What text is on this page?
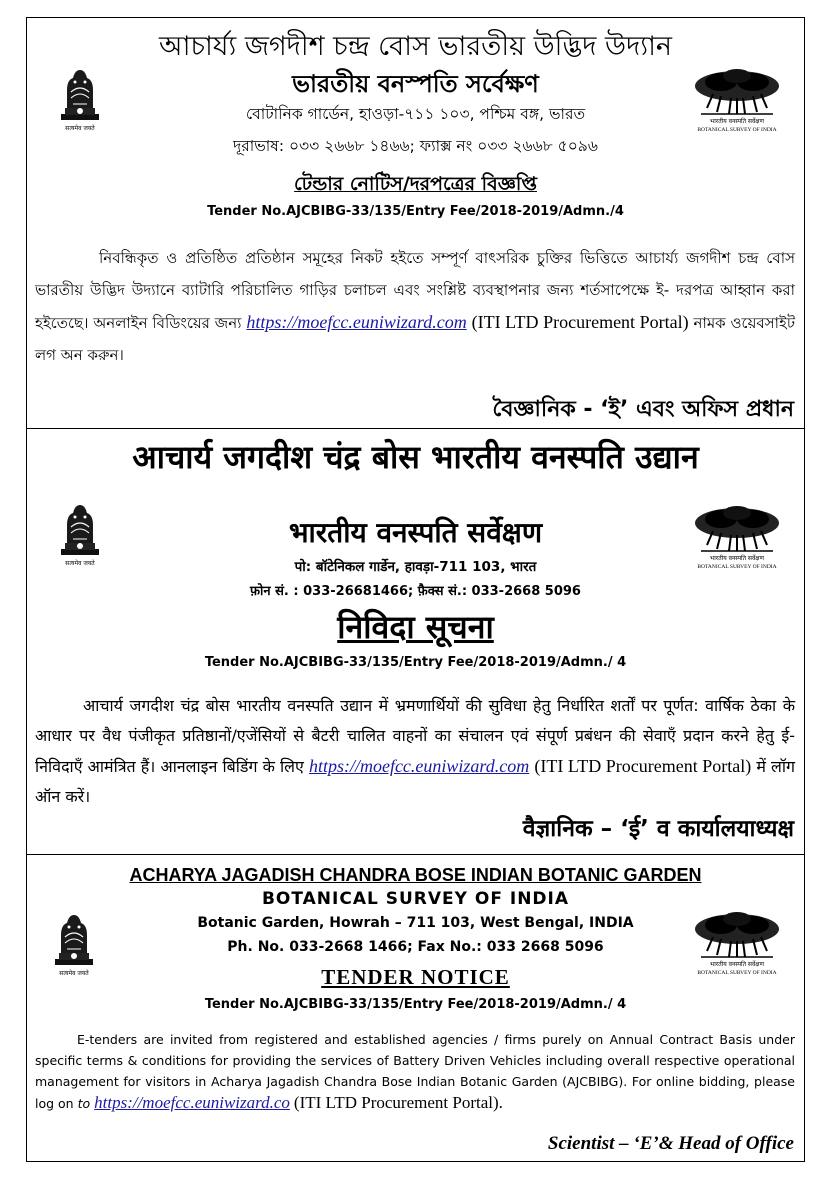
আচার্য্য জগদীশ চন্দ্র বোস ভারতীয় উদ্ভিদ উদ্যান
सत्यमेव जयते
भारतीय वनस्पति सर्वेक्षण
BOTANICAL SURVEY OF INDIA
ভারতীয় বনস্পতি সর্বেক্ষণ
বোটানিক গার্ডেন, হাওড়া-৭১১ ১০৩, পশ্চিম বঙ্গ, ভারত
দূরাভাষ: ০৩৩ ২৬৬৮ ১৪৬৬; ফ্যাক্স নং ০৩৩ ২৬৬৮ ৫০৯৬
টেন্ডার নোটিস/দরপত্রের বিজ্ঞপ্তি
Tender No.AJCBIBG-33/135/Entry Fee/2018-2019/Admn./4
নিবন্ধিকৃত ও প্রতিষ্ঠিত প্রতিষ্ঠান সমূহের নিকট হইতে সম্পূর্ণ বাৎসরিক চুক্তির ভিত্তিতে আচার্য্য জগদীশ চন্দ্র বোস ভারতীয় উদ্ভিদ উদ্যানে ব্যাটারি পরিচালিত গাড়ির চলাচল এবং সংশ্লিষ্ট ব্যবস্থাপনার জন্য শর্তসাপেক্ষে ই- দরপত্র আহ্বান করা হইতেছে। অনলাইন বিডিংয়ের জন্য https://moefcc.euniwizard.com (ITI LTD Procurement Portal) নামক ওয়েবসাইট লগ অন করুন।
বৈজ্ঞানিক - ‘ই’ এবং অফিস প্রধান
आचार्य जगदीश चंद्र बोस भारतीय वनस्पति उद्यान
सत्यमेव जयते
भारतीय वनस्पति सर्वेक्षण
BOTANICAL SURVEY OF INDIA
भारतीय वनस्पति सर्वेक्षण
पो: बॉटेनिकल गार्डेन, हावड़ा-711 103, भारत
फ़ोन सं. : 033-26681466; फ़ैक्स सं.: 033-2668 5096
निविदा सूचना
Tender No.AJCBIBG-33/135/Entry Fee/2018-2019/Admn./ 4
आचार्य जगदीश चंद्र बोस भारतीय वनस्पति उद्यान में भ्रमणार्थियों की सुविधा हेतु निर्धारित शर्तों पर पूर्णत: वार्षिक ठेका के आधार पर वैध पंजीकृत प्रतिष्ठानों/एजेंसियों से बैटरी चालित वाहनों का संचालन एवं संपूर्ण प्रबंधन की सेवाएँ प्रदान करने हेतु ई-निविदाएँ आमंत्रित हैं। आनलाइन बिडिंग के लिए https://moefcc.euniwizard.com (ITI LTD Procurement Portal) में लॉग ऑन करें।
वैज्ञानिक – ‘ई’ व कार्यालयाध्यक्ष
ACHARYA JAGADISH CHANDRA BOSE INDIAN BOTANIC GARDEN
सत्यमेव जयते
भारतीय वनस्पति सर्वेक्षण
BOTANICAL SURVEY OF INDIA
BOTANICAL SURVEY OF INDIA
Botanic Garden, Howrah – 711 103, West Bengal, INDIA
Ph. No. 033-2668 1466; Fax No.: 033 2668 5096
TENDER NOTICE
Tender No.AJCBIBG-33/135/Entry Fee/2018-2019/Admn./ 4
E-tenders are invited from registered and established agencies / firms purely on Annual Contract Basis under specific terms & conditions for providing the services of Battery Driven Vehicles including overall respective operational management for visitors in Acharya Jagadish Chandra Bose Indian Botanic Garden (AJCBIBG). For online bidding, please log on to https://moefcc.euniwizard.co (ITI LTD Procurement Portal).
Scientist – ‘E’& Head of Office
